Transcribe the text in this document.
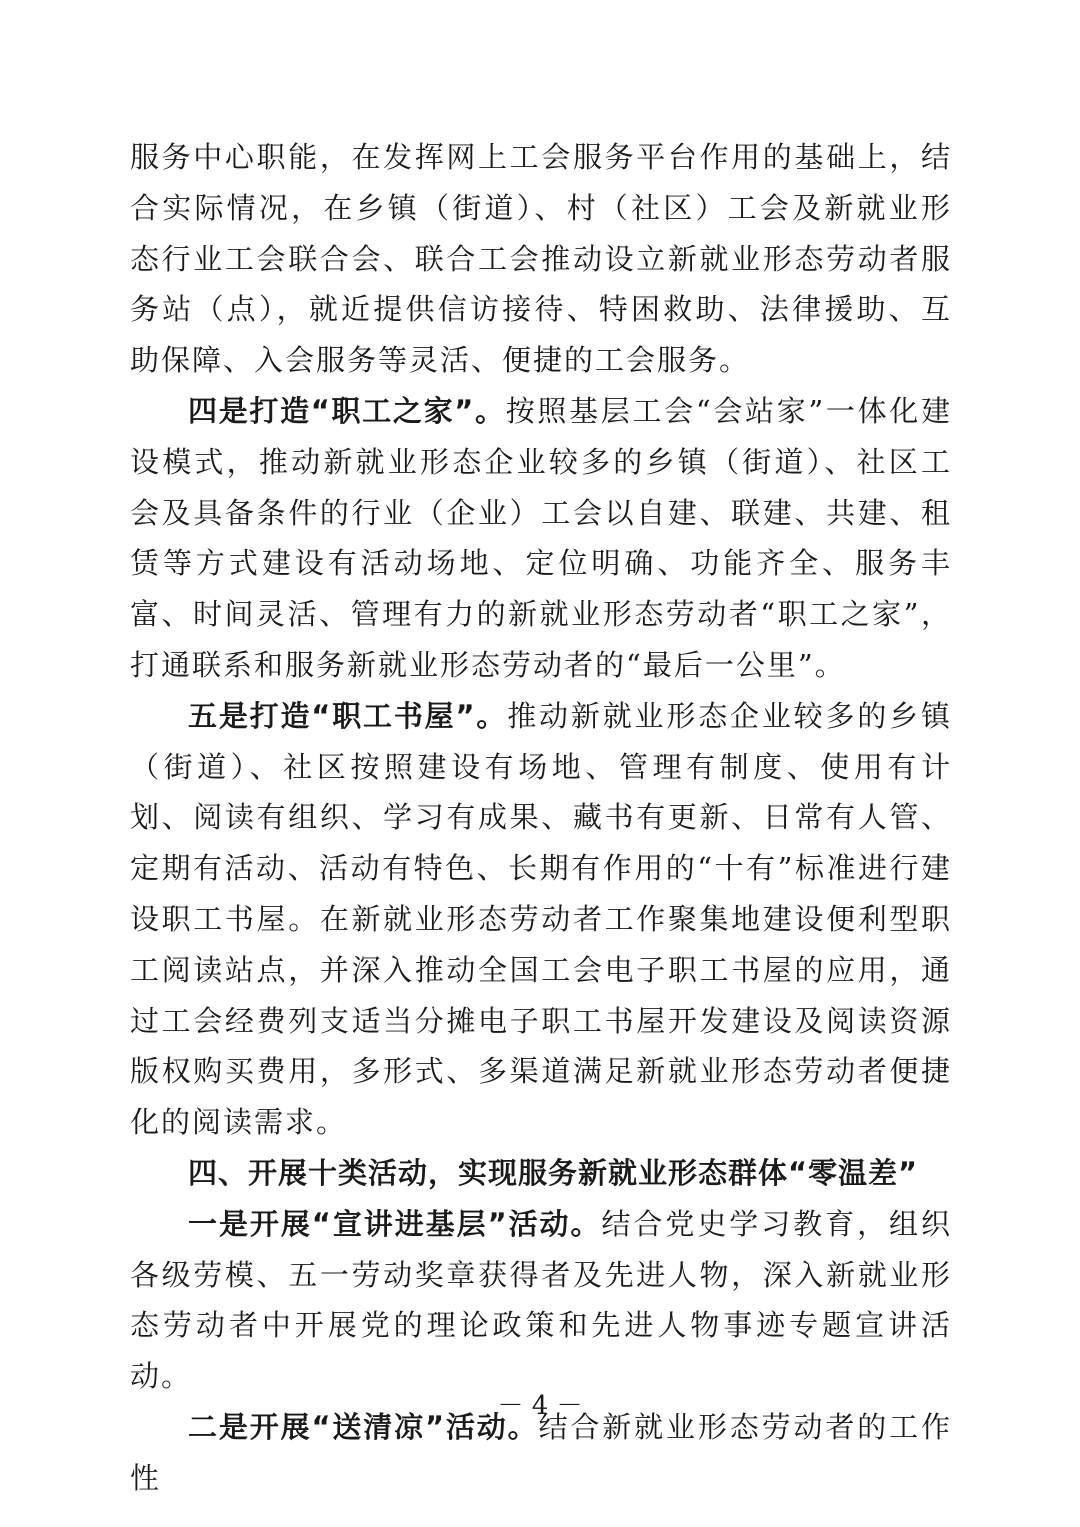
服务中心职能，在发挥网上工会服务平台作用的基础上，结合实际情况，在乡镇（街道）、村（社区）工会及新就业形态行业工会联合会、联合工会推动设立新就业形态劳动者服务站（点），就近提供信访接待、特困救助、法律援助、互助保障、入会服务等灵活、便捷的工会服务。

四是打造“职工之家”。按照基层工会“会站家”一体化建设模式，推动新就业形态企业较多的乡镇（街道）、社区工会及具备条件的行业（企业）工会以自建、联建、共建、租赁等方式建设有活动场地、定位明确、功能齐全、服务丰富、时间灵活、管理有力的新就业形态劳动者“职工之家”，打通联系和服务新就业形态劳动者的“最后一公里”。

五是打造“职工书屋”。推动新就业形态企业较多的乡镇（街道）、社区按照建设有场地、管理有制度、使用有计划、阅读有组织、学习有成果、藏书有更新、日常有人管、定期有活动、活动有特色、长期有作用的“十有”标准进行建设职工书屋。在新就业形态劳动者工作聚集地建设便利型职工阅读站点，并深入推动全国工会电子职工书屋的应用，通过工会经费列支适当分摊电子职工书屋开发建设及阅读资源版权购买费用，多形式、多渠道满足新就业形态劳动者便捷化的阅读需求。

四、开展十类活动，实现服务新就业形态群体“零温差”

一是开展“宣讲进基层”活动。结合党史学习教育，组织各级劳模、五一劳动奖章获得者及先进人物，深入新就业形态劳动者中开展党的理论政策和先进人物事迹专题宣讲活动。

二是开展“送清凉”活动。结合新就业形态劳动者的工作性

－ 4 －
